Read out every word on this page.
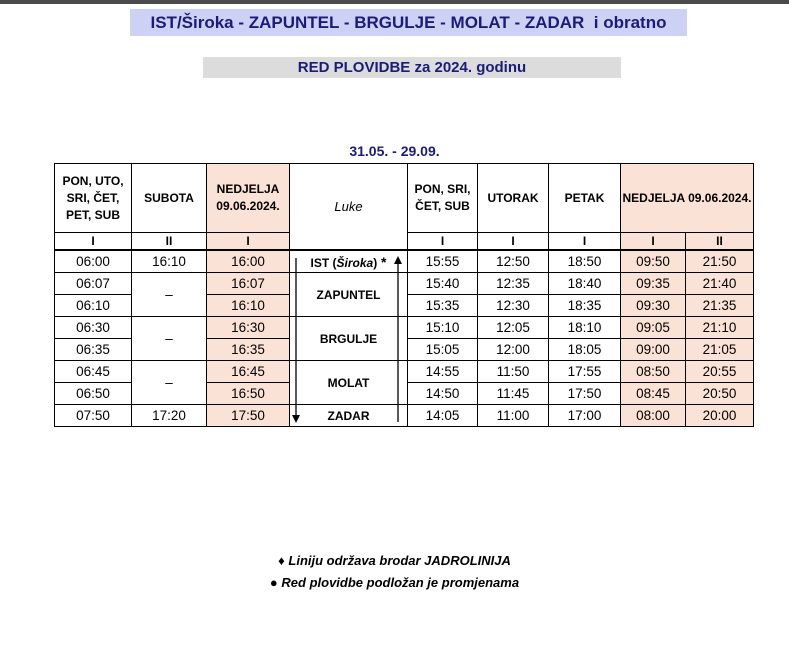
IST/Široka - ZAPUNTEL - BRGULJE - MOLAT - ZADAR  i obratno
RED PLOVIDBE za 2024. godinu
31.05. - 29.09.
PON, UTO, SRI, ČET, PET, SUB	SUBOTA	NEDJELJA 09.06.2024.	Luke	PON, SRI, ČET, SUB	UTORAK	PETAK	NEDJELJA 09.06.2024.	
I	II	I		I	I	I	I	II
06:00	16:10	16:00	IST (Široka) *	15:55	12:50	18:50	09:50	21:50
06:07	–	16:07	ZAPUNTEL	15:40	12:35	18:40	09:35	21:40
06:10		16:10		15:35	12:30	18:35	09:30	21:35
06:30	–	16:30	BRGULJE	15:10	12:05	18:10	09:05	21:10
06:35		16:35		15:05	12:00	18:05	09:00	21:05
06:45	–	16:45	MOLAT	14:55	11:50	17:55	08:50	20:55
06:50		16:50		14:50	11:45	17:50	08:45	20:50
07:50	17:20	17:50	ZADAR	14:05	11:00	17:00	08:00	20:00
♦ Liniju održava brodar JADROLINIJA
● Red plovidbe podložan je promjenama
